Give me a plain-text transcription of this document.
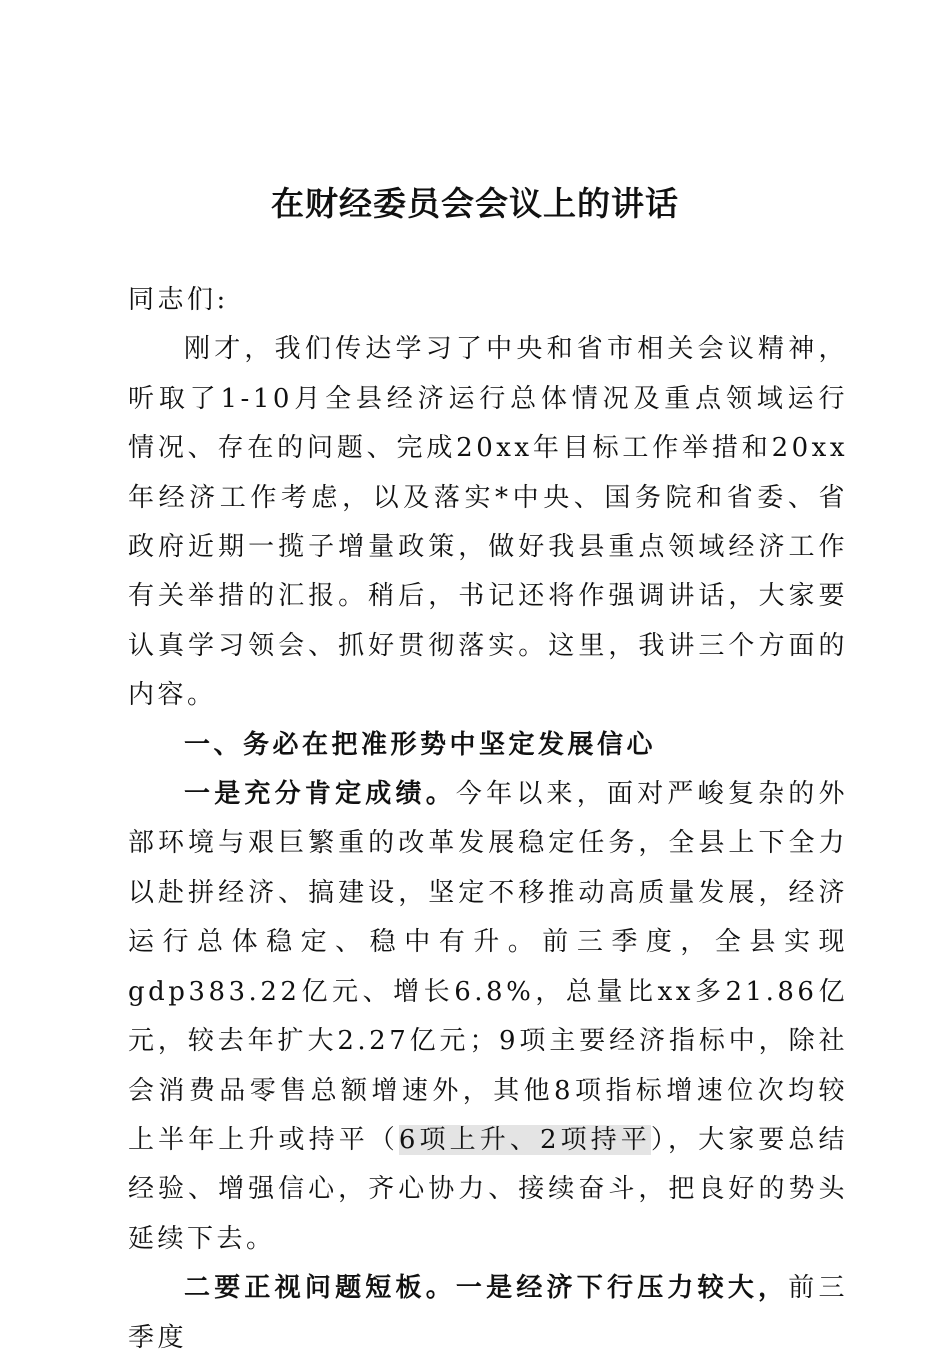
在财经委员会会议上的讲话

同志们:

刚才，我们传达学习了中央和省市相关会议精神，听取了1-10月全县经济运行总体情况及重点领域运行情况、存在的问题、完成20xx年目标工作举措和20xx年经济工作考虑，以及落实*中央、国务院和省委、省政府近期一揽子增量政策，做好我县重点领域经济工作有关举措的汇报。稍后，书记还将作强调讲话，大家要认真学习领会、抓好贯彻落实。这里，我讲三个方面的内容。

一、务必在把准形势中坚定发展信心

一是充分肯定成绩。今年以来，面对严峻复杂的外部环境与艰巨繁重的改革发展稳定任务，全县上下全力以赴拼经济、搞建设，坚定不移推动高质量发展，经济运行总体稳定、稳中有升。前三季度，全县实现gdp383.22亿元、增长6.8%，总量比xx多21.86亿元，较去年扩大2.27亿元；9项主要经济指标中，除社会消费品零售总额增速外，其他8项指标增速位次均较上半年上升或持平（6项上升、2项持平），大家要总结经验、增强信心，齐心协力、接续奋斗，把良好的势头延续下去。

二要正视问题短板。一是经济下行压力较大，前三季度
